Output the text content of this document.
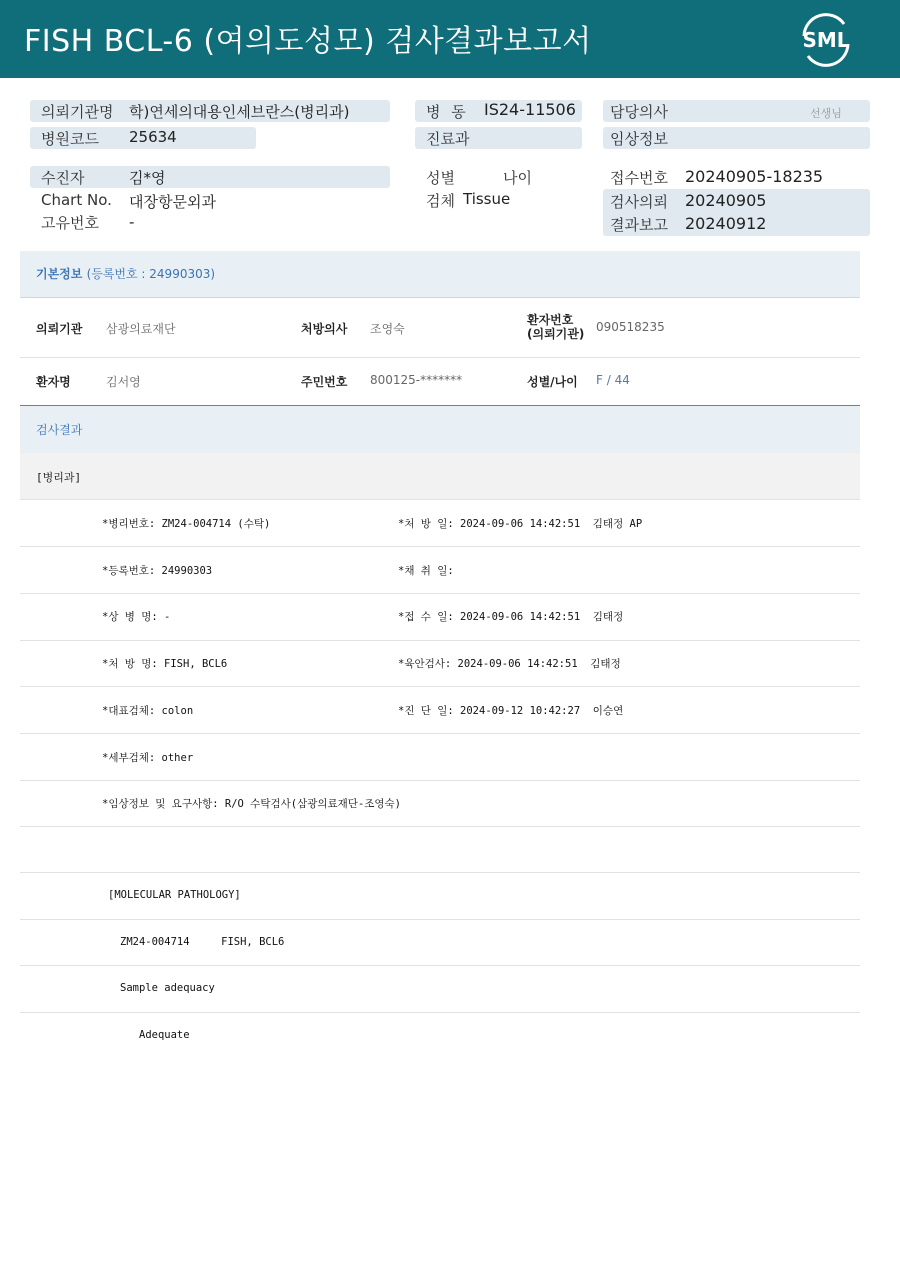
FISH BCL-6 (여의도성모) 검사결과보고서	SML
의뢰기관명 학)연세의대용인세브란스(병리과)
병원코드 25634
병 동 IS24-11506
진료과
담당의사	선생님
임상정보
수진자	김*영
Chart No. 대장항문외과
고유번호 -
성별	나이
검체 Tissue
접수번호 20240905-18235
검사의뢰 20240905
결과보고 20240912
기본정보 (등록번호 : 24990303)
의뢰기관 삼광의료재단	처방의사 조영숙
환자번호
(의뢰기관) 090518235
환자명	김서영	주민번호 800125-*******	성별/나이 F / 44
검사결과
[병리과]
*병리번호: ZM24-004714 (수탁)	*처 방 일: 2024-09-06 14:42:51  김태정 AP
*등록번호: 24990303	*채 취 일:
*상 병 명: -	*접 수 일: 2024-09-06 14:42:51  김태정
*처 방 명: FISH, BCL6	*육안검사: 2024-09-06 14:42:51  김태정
*대표검체: colon	*진 단 일: 2024-09-12 10:42:27  이승연
*세부검체: other
*임상정보 및 요구사항: R/O 수탁검사(삼광의료재단-조영숙)
[MOLECULAR PATHOLOGY]
ZM24-004714     FISH, BCL6
Sample adequacy
Adequate
